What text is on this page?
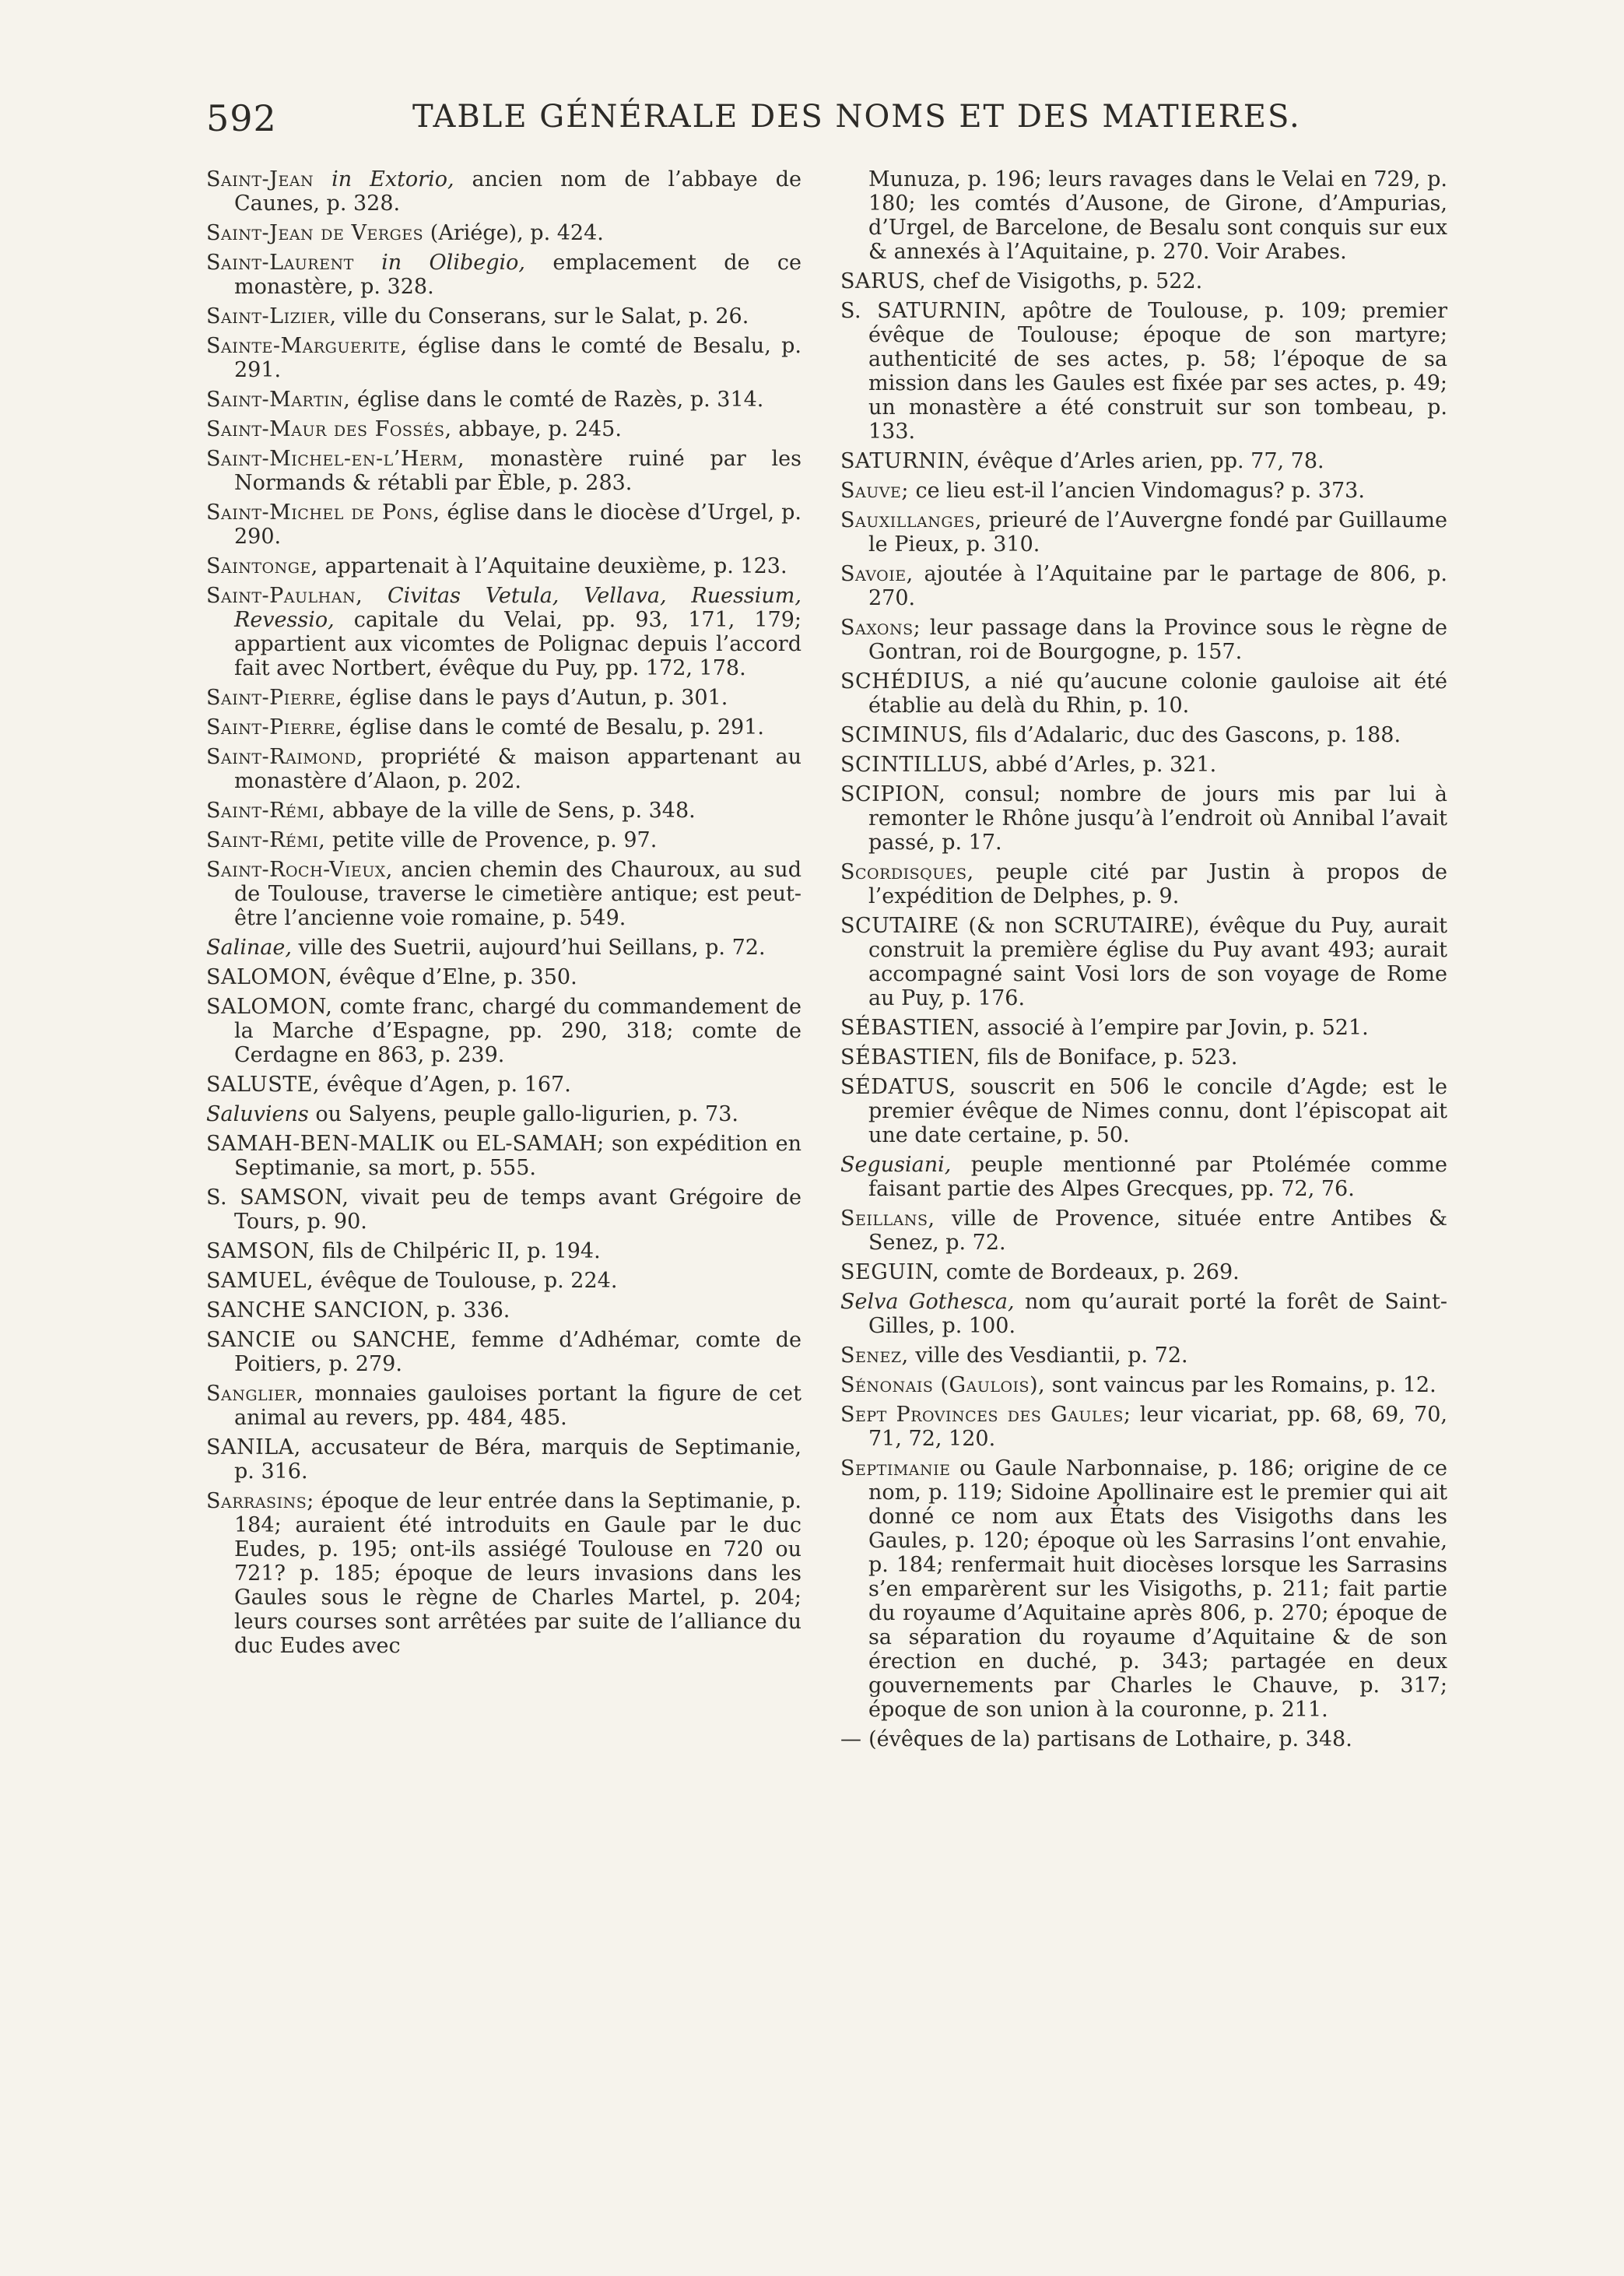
592	TABLE GÉNÉRALE DES NOMS ET DES MATIERES.

Saint-Jean in Extorio, ancien nom de l’abbaye de Caunes, p. 328.

Saint-Jean de Verges (Ariége), p. 424.

Saint-Laurent in Olibegio, emplacement de ce monastère, p. 328.

Saint-Lizier, ville du Conserans, sur le Salat, p. 26.

Sainte-Marguerite, église dans le comté de Besalu, p. 291.

Saint-Martin, église dans le comté de Razès, p. 314.

Saint-Maur des Fossés, abbaye, p. 245.

Saint-Michel-en-l’Herm, monastère ruiné par les Normands & rétabli par Èble, p. 283.

Saint-Michel de Pons, église dans le diocèse d’Urgel, p. 290.

Saintonge, appartenait à l’Aquitaine deuxième, p. 123.

Saint-Paulhan, Civitas Vetula, Vellava, Ruessium, Revessio, capitale du Velai, pp. 93, 171, 179; appartient aux vicomtes de Polignac depuis l’accord fait avec Nortbert, évêque du Puy, pp. 172, 178.

Saint-Pierre, église dans le pays d’Autun, p. 301.

Saint-Pierre, église dans le comté de Besalu, p. 291.

Saint-Raimond, propriété & maison appartenant au monastère d’Alaon, p. 202.

Saint-Rémi, abbaye de la ville de Sens, p. 348.

Saint-Rémi, petite ville de Provence, p. 97.

Saint-Roch-Vieux, ancien chemin des Chauroux, au sud de Toulouse, traverse le cimetière antique; est peut-être l’ancienne voie romaine, p. 549.

Salinae, ville des Suetrii, aujourd’hui Seillans, p. 72.

SALOMON, évêque d’Elne, p. 350.

SALOMON, comte franc, chargé du commandement de la Marche d’Espagne, pp. 290, 318; comte de Cerdagne en 863, p. 239.

SALUSTE, évêque d’Agen, p. 167.

Saluviens ou Salyens, peuple gallo-ligurien, p. 73.

SAMAH-BEN-MALIK ou EL-SAMAH; son expédition en Septimanie, sa mort, p. 555.

S. SAMSON, vivait peu de temps avant Grégoire de Tours, p. 90.

SAMSON, fils de Chilpéric II, p. 194.

SAMUEL, évêque de Toulouse, p. 224.

SANCHE SANCION, p. 336.

SANCIE ou SANCHE, femme d’Adhémar, comte de Poitiers, p. 279.

Sanglier, monnaies gauloises portant la figure de cet animal au revers, pp. 484, 485.

SANILA, accusateur de Béra, marquis de Septimanie, p. 316.

Sarrasins; époque de leur entrée dans la Septimanie, p. 184; auraient été introduits en Gaule par le duc Eudes, p. 195; ont-ils assiégé Toulouse en 720 ou 721? p. 185; époque de leurs invasions dans les Gaules sous le règne de Charles Martel, p. 204; leurs courses sont arrêtées par suite de l’alliance du duc Eudes avec

Munuza, p. 196; leurs ravages dans le Velai en 729, p. 180; les comtés d’Ausone, de Girone, d’Ampurias, d’Urgel, de Barcelone, de Besalu sont conquis sur eux & annexés à l’Aquitaine, p. 270. Voir Arabes.

SARUS, chef de Visigoths, p. 522.

S. SATURNIN, apôtre de Toulouse, p. 109; premier évêque de Toulouse; époque de son martyre; authenticité de ses actes, p. 58; l’époque de sa mission dans les Gaules est fixée par ses actes, p. 49; un monastère a été construit sur son tombeau, p. 133.

SATURNIN, évêque d’Arles arien, pp. 77, 78.

Sauve; ce lieu est-il l’ancien Vindomagus? p. 373.

Sauxillanges, prieuré de l’Auvergne fondé par Guillaume le Pieux, p. 310.

Savoie, ajoutée à l’Aquitaine par le partage de 806, p. 270.

Saxons; leur passage dans la Province sous le règne de Gontran, roi de Bourgogne, p. 157.

SCHÉDIUS, a nié qu’aucune colonie gauloise ait été établie au delà du Rhin, p. 10.

SCIMINUS, fils d’Adalaric, duc des Gascons, p. 188.

SCINTILLUS, abbé d’Arles, p. 321.

SCIPION, consul; nombre de jours mis par lui à remonter le Rhône jusqu’à l’endroit où Annibal l’avait passé, p. 17.

Scordisques, peuple cité par Justin à propos de l’expédition de Delphes, p. 9.

SCUTAIRE (& non SCRUTAIRE), évêque du Puy, aurait construit la première église du Puy avant 493; aurait accompagné saint Vosi lors de son voyage de Rome au Puy, p. 176.

SÉBASTIEN, associé à l’empire par Jovin, p. 521.

SÉBASTIEN, fils de Boniface, p. 523.

SÉDATUS, souscrit en 506 le concile d’Agde; est le premier évêque de Nimes connu, dont l’épiscopat ait une date certaine, p. 50.

Segusiani, peuple mentionné par Ptolémée comme faisant partie des Alpes Grecques, pp. 72, 76.

Seillans, ville de Provence, située entre Antibes & Senez, p. 72.

SEGUIN, comte de Bordeaux, p. 269.

Selva Gothesca, nom qu’aurait porté la forêt de Saint-Gilles, p. 100.

Senez, ville des Vesdiantii, p. 72.

Sénonais (Gaulois), sont vaincus par les Romains, p. 12.

Sept Provinces des Gaules; leur vicariat, pp. 68, 69, 70, 71, 72, 120.

Septimanie ou Gaule Narbonnaise, p. 186; origine de ce nom, p. 119; Sidoine Apollinaire est le premier qui ait donné ce nom aux États des Visigoths dans les Gaules, p. 120; époque où les Sarrasins l’ont envahie, p. 184; renfermait huit diocèses lorsque les Sarrasins s’en emparèrent sur les Visigoths, p. 211; fait partie du royaume d’Aquitaine après 806, p. 270; époque de sa séparation du royaume d’Aquitaine & de son érection en duché, p. 343; partagée en deux gouvernements par Charles le Chauve, p. 317; époque de son union à la couronne, p. 211.

— (évêques de la) partisans de Lothaire, p. 348.
